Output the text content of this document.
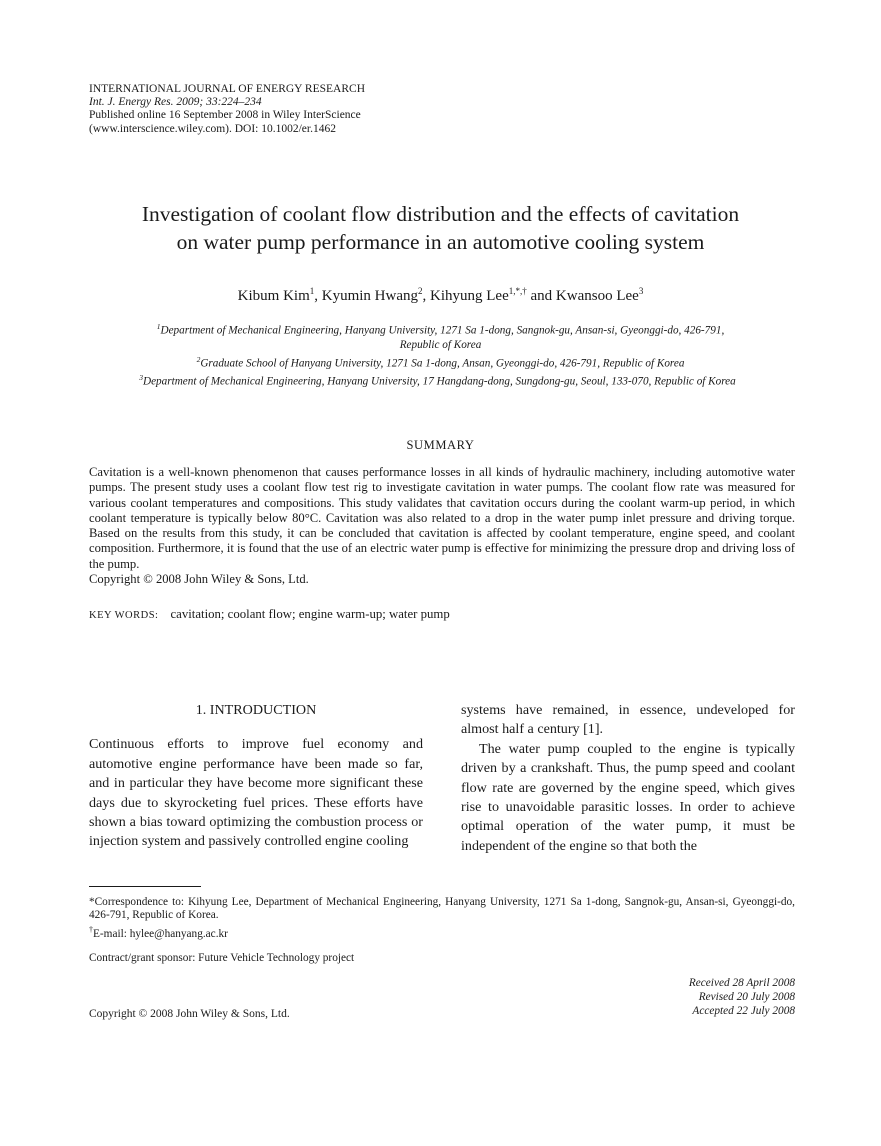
INTERNATIONAL JOURNAL OF ENERGY RESEARCH
Int. J. Energy Res. 2009; 33:224–234
Published online 16 September 2008 in Wiley InterScience
(www.interscience.wiley.com). DOI: 10.1002/er.1462
Investigation of coolant flow distribution and the effects of cavitation
on water pump performance in an automotive cooling system
Kibum Kim$^1$, Kyumin Hwang$^2$, Kihyung Lee$^{1,*,\dagger}$ and Kwansoo Lee$^3$
$^1$Department of Mechanical Engineering, Hanyang University, 1271 Sa 1-dong, Sangnok-gu, Ansan-si, Gyeonggi-do, 426-791,
Republic of Korea
$^2$Graduate School of Hanyang University, 1271 Sa 1-dong, Ansan, Gyeonggi-do, 426-791, Republic of Korea
$^3$Department of Mechanical Engineering, Hanyang University, 17 Hangdang-dong, Sungdong-gu, Seoul, 133-070, Republic of Korea
SUMMARY
Cavitation is a well-known phenomenon that causes performance losses in all kinds of hydraulic machinery, including automotive water pumps. The present study uses a coolant flow test rig to investigate cavitation in water pumps. The coolant flow rate was measured for various coolant temperatures and compositions. This study validates that cavitation occurs during the coolant warm-up period, in which coolant temperature is typically below 80°C. Cavitation was also related to a drop in the water pump inlet pressure and driving torque. Based on the results from this study, it can be concluded that cavitation is affected by coolant temperature, engine speed, and coolant composition. Furthermore, it is found that the use of an electric water pump is effective for minimizing the pressure drop and driving loss of the pump.
Copyright © 2008 John Wiley & Sons, Ltd.
KEY WORDS: cavitation; coolant flow; engine warm-up; water pump

1. INTRODUCTION

Continuous efforts to improve fuel economy and automotive engine performance have been made so far, and in particular they have become more significant these days due to skyrocketing fuel prices. These efforts have shown a bias toward optimizing the combustion process or injection system and passively controlled engine cooling

systems have remained, in essence, undeveloped for almost half a century [1].

The water pump coupled to the engine is typically driven by a crankshaft. Thus, the pump speed and coolant flow rate are governed by the engine speed, which gives rise to unavoidable parasitic losses. In order to achieve optimal operation of the water pump, it must be independent of the engine so that both the

*Correspondence to: Kihyung Lee, Department of Mechanical Engineering, Hanyang University, 1271 Sa 1-dong, Sangnok-gu, Ansan-si, Gyeonggi-do, 426-791, Republic of Korea.

†E-mail: hylee@hanyang.ac.kr

Contract/grant sponsor: Future Vehicle Technology project

Received 28 April 2008
Revised 20 July 2008
Accepted 22 July 2008
Copyright © 2008 John Wiley & Sons, Ltd.
